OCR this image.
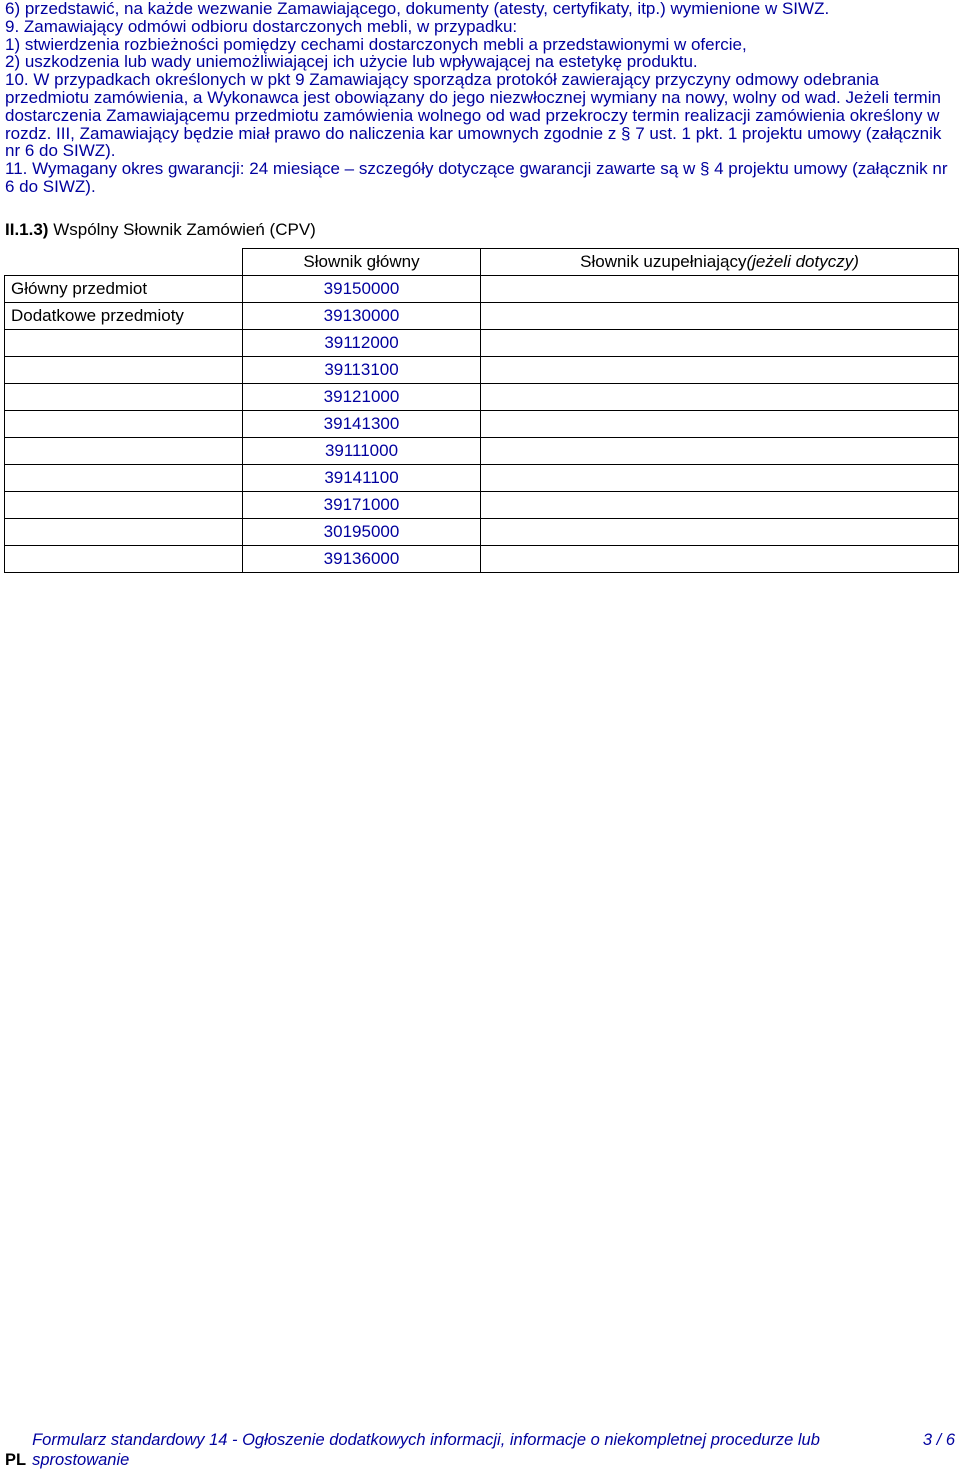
6) przedstawić, na każde wezwanie Zamawiającego, dokumenty (atesty, certyfikaty, itp.) wymienione w SIWZ.

9. Zamawiający odmówi odbioru dostarczonych mebli, w przypadku:

1) stwierdzenia rozbieżności pomiędzy cechami dostarczonych mebli a przedstawionymi w ofercie,

2) uszkodzenia lub wady uniemożliwiającej ich użycie lub wpływającej na estetykę produktu.

10. W przypadkach określonych w pkt 9 Zamawiający sporządza protokół zawierający przyczyny odmowy odebrania przedmiotu zamówienia, a Wykonawca jest obowiązany do jego niezwłocznej wymiany na nowy, wolny od wad. Jeżeli termin dostarczenia Zamawiającemu przedmiotu zamówienia wolnego od wad przekroczy termin realizacji zamówienia określony w rozdz. III, Zamawiający będzie miał prawo do naliczenia kar umownych zgodnie z § 7 ust. 1 pkt. 1 projektu umowy (załącznik nr 6 do SIWZ).

11. Wymagany okres gwarancji: 24 miesiące – szczegóły dotyczące gwarancji zawarte są w § 4 projektu umowy (załącznik nr 6 do SIWZ).

II.1.3) Wspólny Słownik Zamówień (CPV)
	Słownik główny	Słownik uzupełniający(jeżeli dotyczy)
Główny przedmiot	39150000	
Dodatkowe przedmioty	39130000	
	39112000	
	39113100	
	39121000	
	39141300	
	39111000	
	39141100	
	39171000	
	30195000	
	39136000	
PLFormularz standardowy 14 - Ogłoszenie dodatkowych informacji, informacje o niekompletnej procedurze lub sprostowanie
3 / 6
